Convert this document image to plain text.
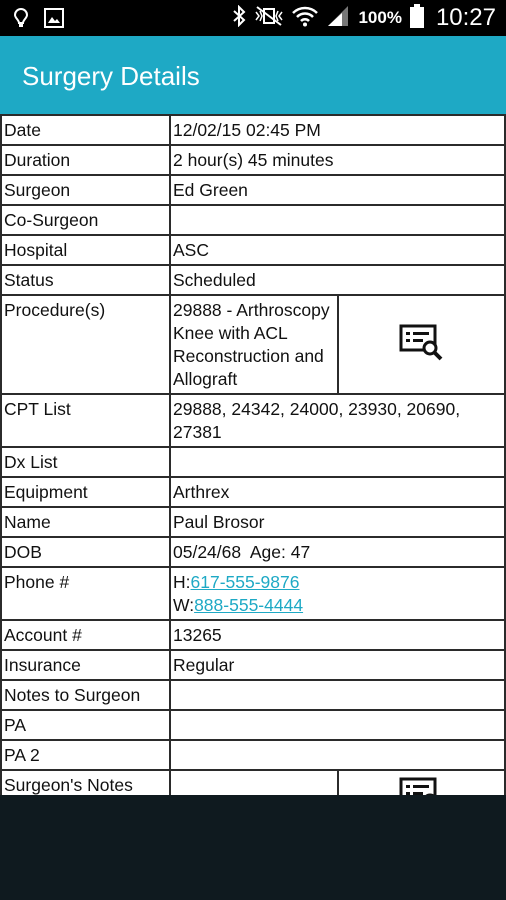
100% 10:27
Surgery Details
Date	12/02/15 02:45 PM	
Duration	2 hour(s) 45 minutes	
Surgeon	Ed Green	
Co-Surgeon		
Hospital	ASC	
Status	Scheduled	
Procedure(s)	29888 - Arthroscopy Knee with ACL Reconstruction and Allograft	
CPT List	29888, 24342, 24000, 23930, 20690, 27381	
Dx List		
Equipment	Arthrex	
Name	Paul Brosor	
DOB	05/24/68  Age: 47	
Phone #	H:617-555-9876
W:888-555-4444	

Account #	13265	
Insurance	Regular	
Notes to Surgeon		
PA		
PA 2		
Surgeon's Notes		
